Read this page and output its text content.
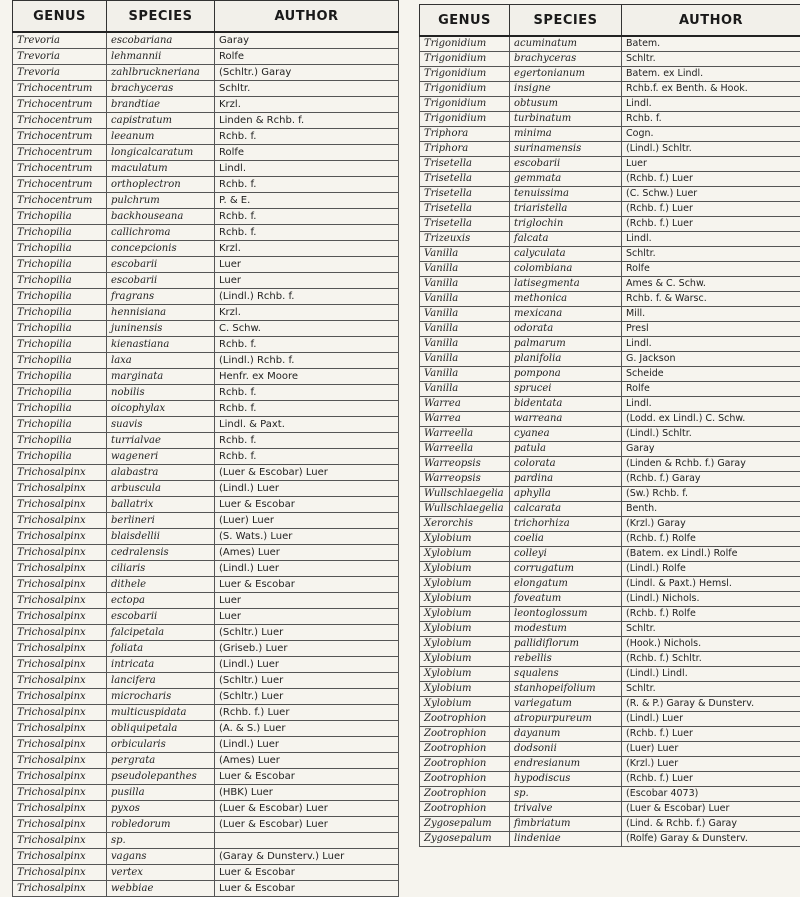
GENUS	SPECIES	AUTHOR
Trevoria	escobariana	Garay
Trevoria	lehmannii	Rolfe
Trevoria	zahlbruckneriana	(Schltr.) Garay
Trichocentrum	brachyceras	Schltr.
Trichocentrum	brandtiae	Krzl.
Trichocentrum	capistratum	Linden & Rchb. f.
Trichocentrum	leeanum	Rchb. f.
Trichocentrum	longicalcaratum	Rolfe
Trichocentrum	maculatum	Lindl.
Trichocentrum	orthoplectron	Rchb. f.
Trichocentrum	pulchrum	P. & E.
Trichopilia	backhouseana	Rchb. f.
Trichopilia	callichroma	Rchb. f.
Trichopilia	concepcionis	Krzl.
Trichopilia	escobarii	Luer
Trichopilia	escobarii	Luer
Trichopilia	fragrans	(Lindl.) Rchb. f.
Trichopilia	hennisiana	Krzl.
Trichopilia	juninensis	C. Schw.
Trichopilia	kienastiana	Rchb. f.
Trichopilia	laxa	(Lindl.) Rchb. f.
Trichopilia	marginata	Henfr. ex Moore
Trichopilia	nobilis	Rchb. f.
Trichopilia	oicophylax	Rchb. f.
Trichopilia	suavis	Lindl. & Paxt.
Trichopilia	turrialvae	Rchb. f.
Trichopilia	wageneri	Rchb. f.
Trichosalpinx	alabastra	(Luer & Escobar) Luer
Trichosalpinx	arbuscula	(Lindl.) Luer
Trichosalpinx	ballatrix	Luer & Escobar
Trichosalpinx	berlineri	(Luer) Luer
Trichosalpinx	blaisdellii	(S. Wats.) Luer
Trichosalpinx	cedralensis	(Ames) Luer
Trichosalpinx	ciliaris	(Lindl.) Luer
Trichosalpinx	dithele	Luer & Escobar
Trichosalpinx	ectopa	Luer
Trichosalpinx	escobarii	Luer
Trichosalpinx	falcipetala	(Schltr.) Luer
Trichosalpinx	foliata	(Griseb.) Luer
Trichosalpinx	intricata	(Lindl.) Luer
Trichosalpinx	lancifera	(Schltr.) Luer
Trichosalpinx	microcharis	(Schltr.) Luer
Trichosalpinx	multicuspidata	(Rchb. f.) Luer
Trichosalpinx	obliquipetala	(A. & S.) Luer
Trichosalpinx	orbicularis	(Lindl.) Luer
Trichosalpinx	pergrata	(Ames) Luer
Trichosalpinx	pseudolepanthes	Luer & Escobar
Trichosalpinx	pusilla	(HBK) Luer
Trichosalpinx	pyxos	(Luer & Escobar) Luer
Trichosalpinx	robledorum	(Luer & Escobar) Luer
Trichosalpinx	sp.	
Trichosalpinx	vagans	(Garay & Dunsterv.) Luer
Trichosalpinx	vertex	Luer & Escobar
Trichosalpinx	webbiae	Luer & Escobar
GENUS	SPECIES	AUTHOR
Trigonidium	acuminatum	Batem.
Trigonidium	brachyceras	Schltr.
Trigonidium	egertonianum	Batem. ex Lindl.
Trigonidium	insigne	Rchb.f. ex Benth. & Hook.
Trigonidium	obtusum	Lindl.
Trigonidium	turbinatum	Rchb. f.
Triphora	minima	Cogn.
Triphora	surinamensis	(Lindl.) Schltr.
Trisetella	escobarii	Luer
Trisetella	gemmata	(Rchb. f.) Luer
Trisetella	tenuissima	(C. Schw.) Luer
Trisetella	triaristella	(Rchb. f.) Luer
Trisetella	triglochin	(Rchb. f.) Luer
Trizeuxis	falcata	Lindl.
Vanilla	calyculata	Schltr.
Vanilla	colombiana	Rolfe
Vanilla	latisegmenta	Ames & C. Schw.
Vanilla	methonica	Rchb. f. & Warsc.
Vanilla	mexicana	Mill.
Vanilla	odorata	Presl
Vanilla	palmarum	Lindl.
Vanilla	planifolia	G. Jackson
Vanilla	pompona	Scheide
Vanilla	sprucei	Rolfe
Warrea	bidentata	Lindl.
Warrea	warreana	(Lodd. ex Lindl.) C. Schw.
Warreella	cyanea	(Lindl.) Schltr.
Warreella	patula	Garay
Warreopsis	colorata	(Linden & Rchb. f.) Garay
Warreopsis	pardina	(Rchb. f.) Garay
Wullschlaegelia	aphylla	(Sw.) Rchb. f.
Wullschlaegelia	calcarata	Benth.
Xerorchis	trichorhiza	(Krzl.) Garay
Xylobium	coelia	(Rchb. f.) Rolfe
Xylobium	colleyi	(Batem. ex Lindl.) Rolfe
Xylobium	corrugatum	(Lindl.) Rolfe
Xylobium	elongatum	(Lindl. & Paxt.) Hemsl.
Xylobium	foveatum	(Lindl.) Nichols.
Xylobium	leontoglossum	(Rchb. f.) Rolfe
Xylobium	modestum	Schltr.
Xylobium	pallidiflorum	(Hook.) Nichols.
Xylobium	rebellis	(Rchb. f.) Schltr.
Xylobium	squalens	(Lindl.) Lindl.
Xylobium	stanhopeifolium	Schltr.
Xylobium	variegatum	(R. & P.) Garay & Dunsterv.
Zootrophion	atropurpureum	(Lindl.) Luer
Zootrophion	dayanum	(Rchb. f.) Luer
Zootrophion	dodsonii	(Luer) Luer
Zootrophion	endresianum	(Krzl.) Luer
Zootrophion	hypodiscus	(Rchb. f.) Luer
Zootrophion	sp.	(Escobar 4073)
Zootrophion	trivalve	(Luer & Escobar) Luer
Zygosepalum	fimbriatum	(Lind. & Rchb. f.) Garay
Zygosepalum	lindeniae	(Rolfe) Garay & Dunsterv.
